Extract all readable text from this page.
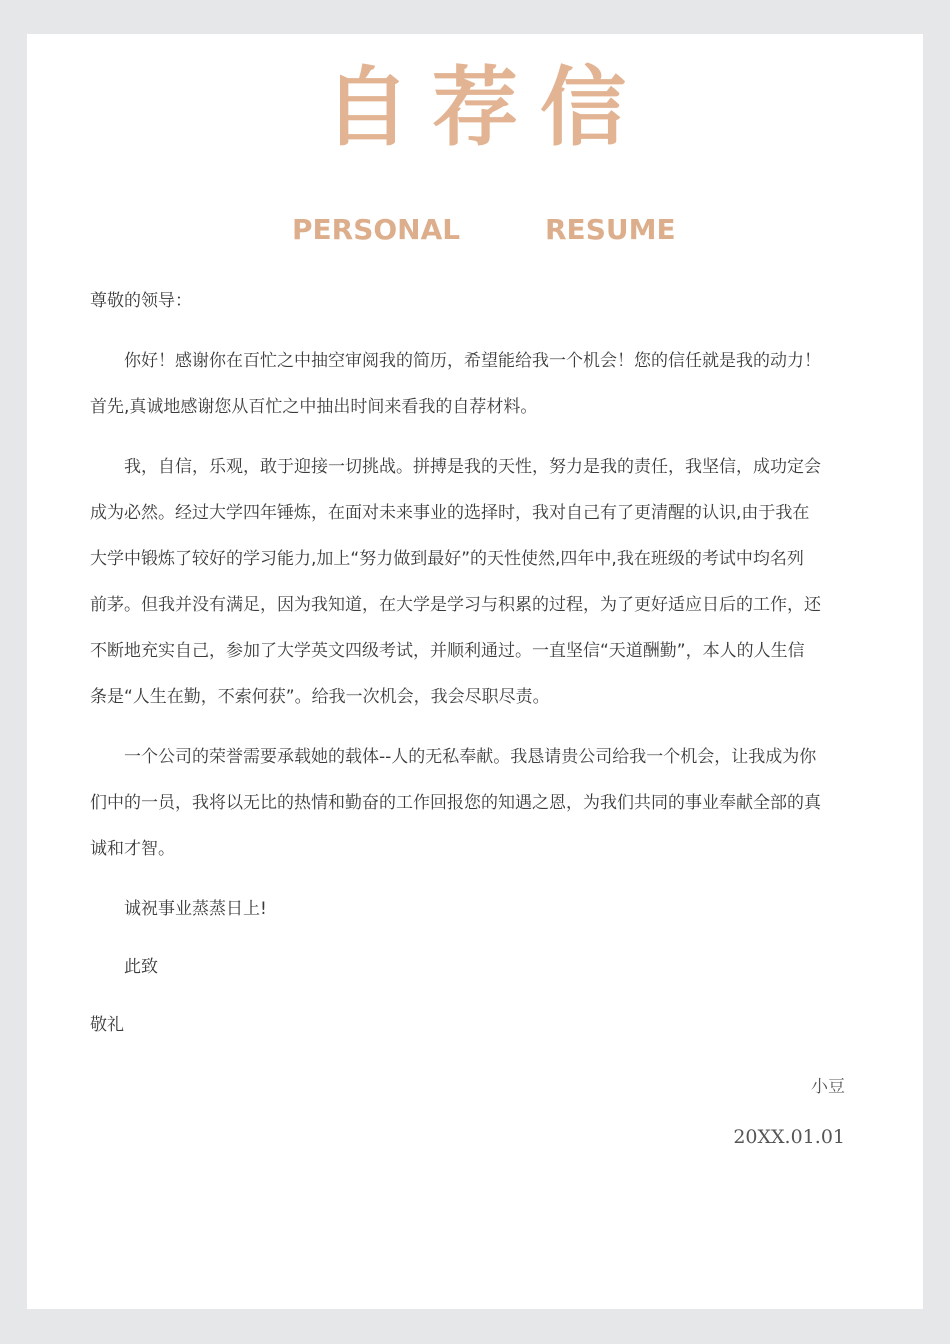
自荐信
PERSONAL	RESUME
尊敬的领导：
　　你好！感谢你在百忙之中抽空审阅我的简历，希望能给我一个机会！您的信任就是我的动力！
首先,真诚地感谢您从百忙之中抽出时间来看我的自荐材料。
　　我，自信，乐观，敢于迎接一切挑战。拼搏是我的天性，努力是我的责任，我坚信，成功定会
成为必然。经过大学四年锤炼，在面对未来事业的选择时，我对自己有了更清醒的认识,由于我在
大学中锻炼了较好的学习能力,加上“努力做到最好”的天性使然,四年中,我在班级的考试中均名列
前茅。但我并没有满足，因为我知道，在大学是学习与积累的过程，为了更好适应日后的工作，还
不断地充实自己，参加了大学英文四级考试，并顺利通过。一直坚信“天道酬勤”，本人的人生信
条是“人生在勤，不索何获”。给我一次机会，我会尽职尽责。
　　一个公司的荣誉需要承载她的载体--人的无私奉献。我恳请贵公司给我一个机会，让我成为你
们中的一员，我将以无比的热情和勤奋的工作回报您的知遇之恩，为我们共同的事业奉献全部的真
诚和才智。
　　诚祝事业蒸蒸日上!
　　此致
敬礼
小豆
20XX.01.01
